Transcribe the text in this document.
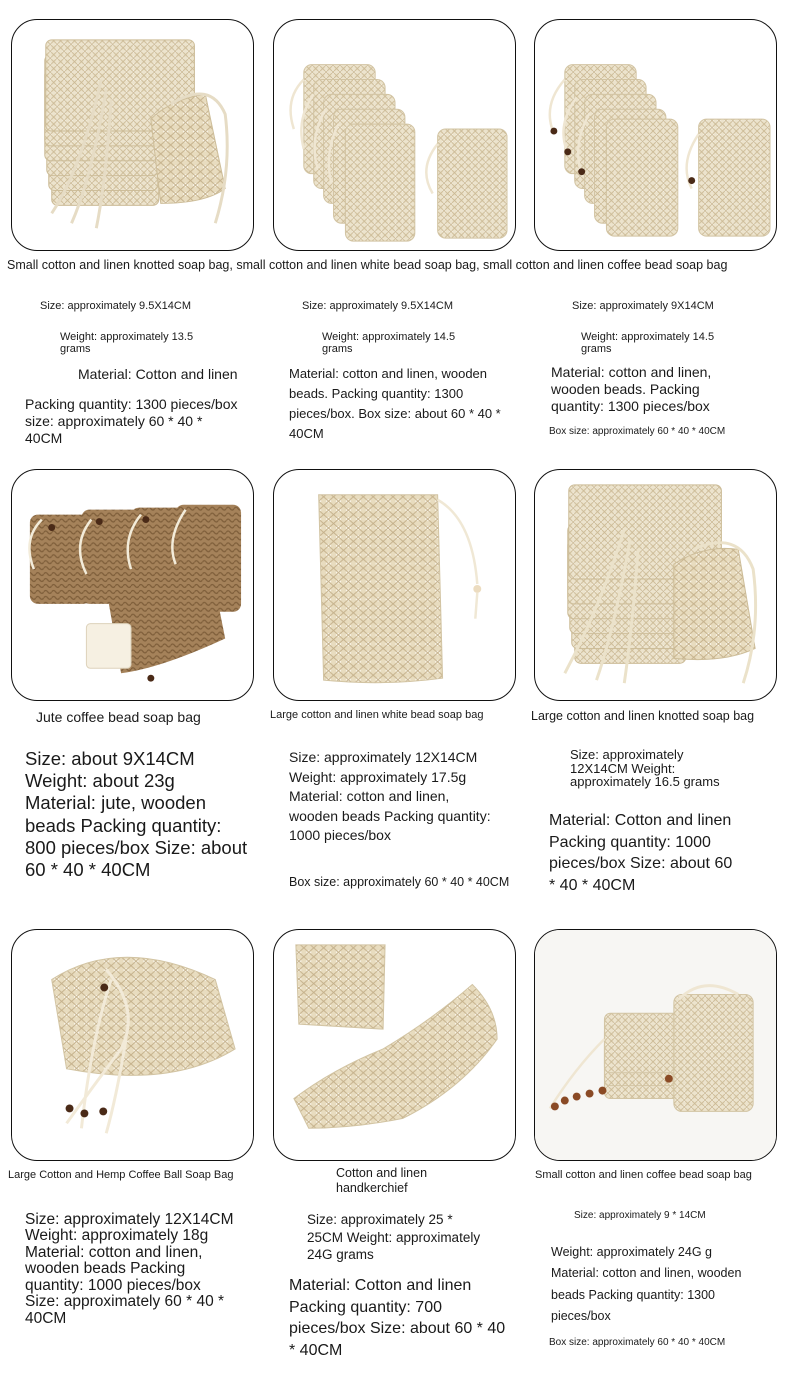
Small cotton and linen knotted soap bag, small cotton and linen white bead soap bag, small cotton and linen coffee bead soap bag
Size: approximately 9.5X14CM
Weight: approximately 13.5 grams
Material: Cotton and linen
Packing quantity: 1300 pieces/box size: approximately 60 * 40 * 40CM
Size: approximately 9.5X14CM
Weight: approximately 14.5 grams
Material: cotton and linen, wooden beads. Packing quantity: 1300 pieces/box. Box size: about 60 * 40 * 40CM
Size: approximately 9X14CM
Weight: approximately 14.5 grams
Material: cotton and linen, wooden beads. Packing quantity: 1300 pieces/box
Box size: approximately 60 * 40 * 40CM
Jute coffee bead soap bag	Large cotton and linen white bead soap bag	Large cotton and linen knotted soap bag
Size: about 9X14CM Weight: about 23g Material: jute, wooden beads Packing quantity: 800 pieces/box Size: about 60 * 40 * 40CM
Size: approximately 12X14CM Weight: approximately 17.5g Material: cotton and linen, wooden beads Packing quantity: 1000 pieces/box
Box size: approximately 60 * 40 * 40CM
Size: approximately 12X14CM Weight: approximately 16.5 grams
Material: Cotton and linen Packing quantity: 1000 pieces/box Size: about 60 * 40 * 40CM
Large Cotton and Hemp Coffee Ball Soap Bag	Cotton and linen handkerchief
Small cotton and linen coffee bead soap bag
Size: approximately 12X14CM Weight: approximately 18g Material: cotton and linen, wooden beads Packing quantity: 1000 pieces/box Size: approximately 60 * 40 * 40CM
Size: approximately 25 * 25CM Weight: approximately 24G grams
Material: Cotton and linen Packing quantity: 700 pieces/box Size: about 60 * 40 * 40CM
Size: approximately 9 * 14CM
Weight: approximately 24G g Material: cotton and linen, wooden beads Packing quantity: 1300 pieces/box
Box size: approximately 60 * 40 * 40CM
